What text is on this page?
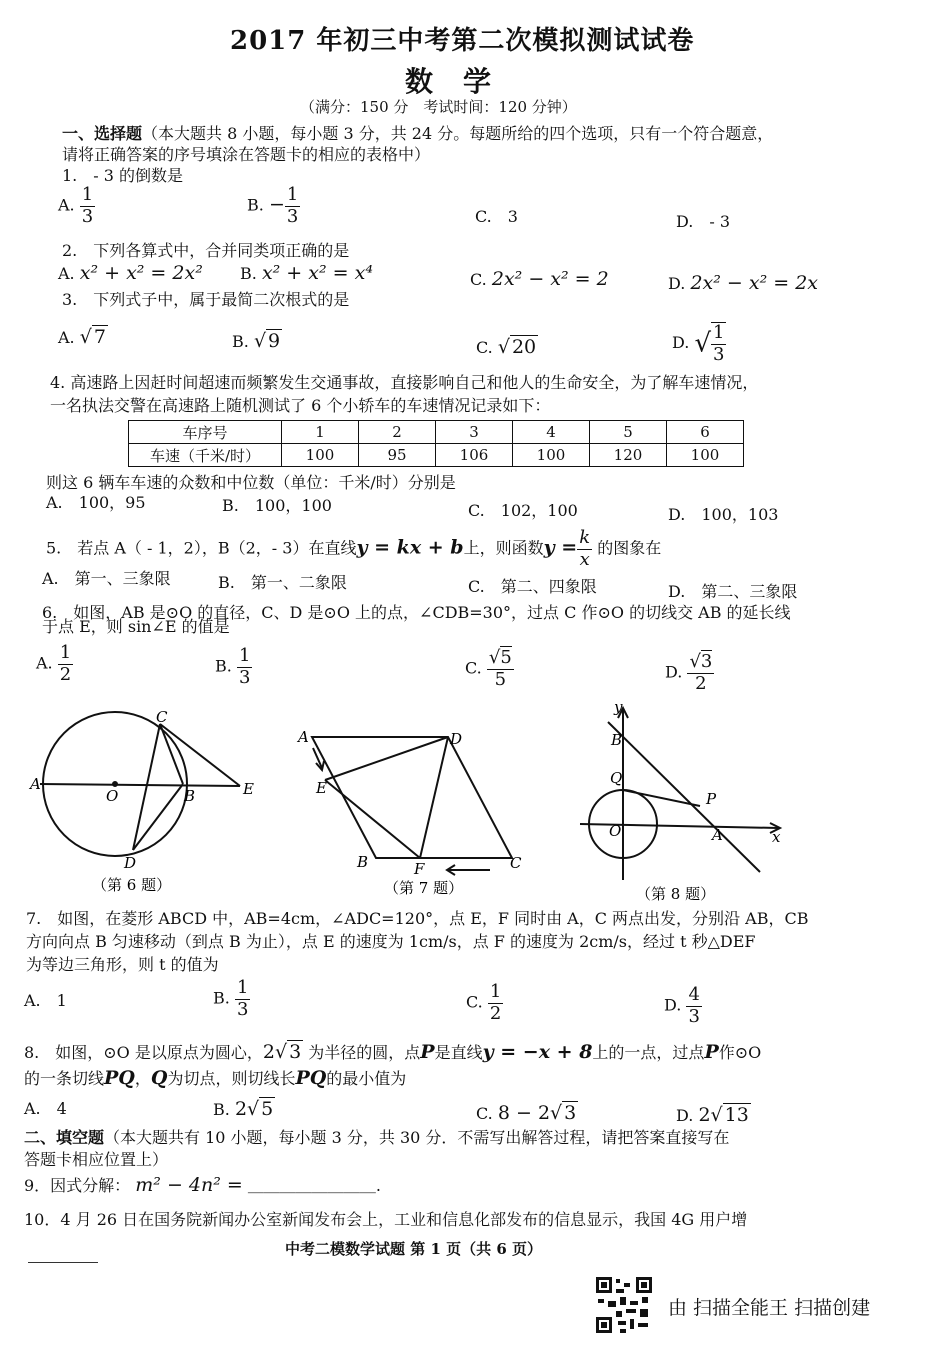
2017 年初三中考第二次模拟测试试卷
数学
（满分：150 分　考试时间：120 分钟）
一、选择题（本大题共 8 小题，每小题 3 分，共 24 分。每题所给的四个选项，只有一个符合题意，
请将正确答案的序号填涂在答题卡的相应的表格中）
1.　- 3 的倒数是
A. $\frac{1}{3}$	B. − $\frac{1}{3}$	C.　3	D.　- 3
2.　下列各算式中，合并同类项正确的是
A. x² + x² = 2x² B. x² + x² = x⁴	C. 2x² − x² = 2	D. 2x² − x² = 2x
3.　下列式子中，属于最简二次根式的是
A. √ 7	B. √ 9	C. √ 20	D. √ $\frac{1}{3}$
4. 高速路上因赶时间超速而频繁发生交通事故，直接影响自己和他人的生命安全，为了解车速情况，
一名执法交警在高速路上随机测试了 6 个小轿车的车速情况记录如下：
车序号	1	2	3	4	5	6
车速（千米/时）	100	95	106	100	120	100
则这 6 辆车车速的众数和中位数（单位：千米/时）分别是
A.　100，95	B.　100，100	C.　102，100	D.　100，103
5.　若点 A（ - 1，2），B（2，- 3）在直线y = kx + b上，则函数$y = \frac{k}{x}$ 的图象在
A.　第一、三象限	B.　第一、二象限	C.　第二、四象限	D.　第二、三象限
6.　如图，AB 是⊙O 的直径，C、D 是⊙O 上的点，∠CDB=30°，过点 C 作⊙O 的切线交 AB 的延长线
于点 E，则 sin∠E 的值是
A. $\frac{1}{2}$	B. $\frac{1}{3}$	C. $\frac{√5}{5}$	D. $\frac{√3}{2}$
A
O	B
C
D
E
（第 6 题）
A	D
E
B	F	C
（第 7 题）
y
x
B
Q
P
O	A
（第 8 题）
7.　如图，在菱形 ABCD 中，AB=4cm，∠ADC=120°，点 E，F 同时由 A，C 两点出发，分别沿 AB，CB
方向向点 B 匀速移动（到点 B 为止），点 E 的速度为 1cm/s，点 F 的速度为 2cm/s，经过 t 秒△DEF
为等边三角形，则 t 的值为
A.　1	B. $\frac{1}{3}$	C. $\frac{1}{2}$	D. $\frac{4}{3}$
8.　如图，⊙O 是以原点为圆心，2√ 3 为半径的圆，点P是直线y = −x + 8上的一点，过点P作⊙O
的一条切线PQ，Q为切点，则切线长PQ的最小值为
A.　4	B. 2√ 5	C. 8 − 2√ 3	D. 2√ 13
二、填空题（本大题共有 10 小题，每小题 3 分，共 30 分．不需写出解答过程，请把答案直接写在
答题卡相应位置上）
9．因式分解： m² − 4n² = ＿＿＿＿＿＿＿＿.
10．4 月 26 日在国务院新闻办公室新闻发布会上，工业和信息化部发布的信息显示，我国 4G 用户增
中考二模数学试题 第 1 页（共 6 页）
由 扫描全能王 扫描创建
